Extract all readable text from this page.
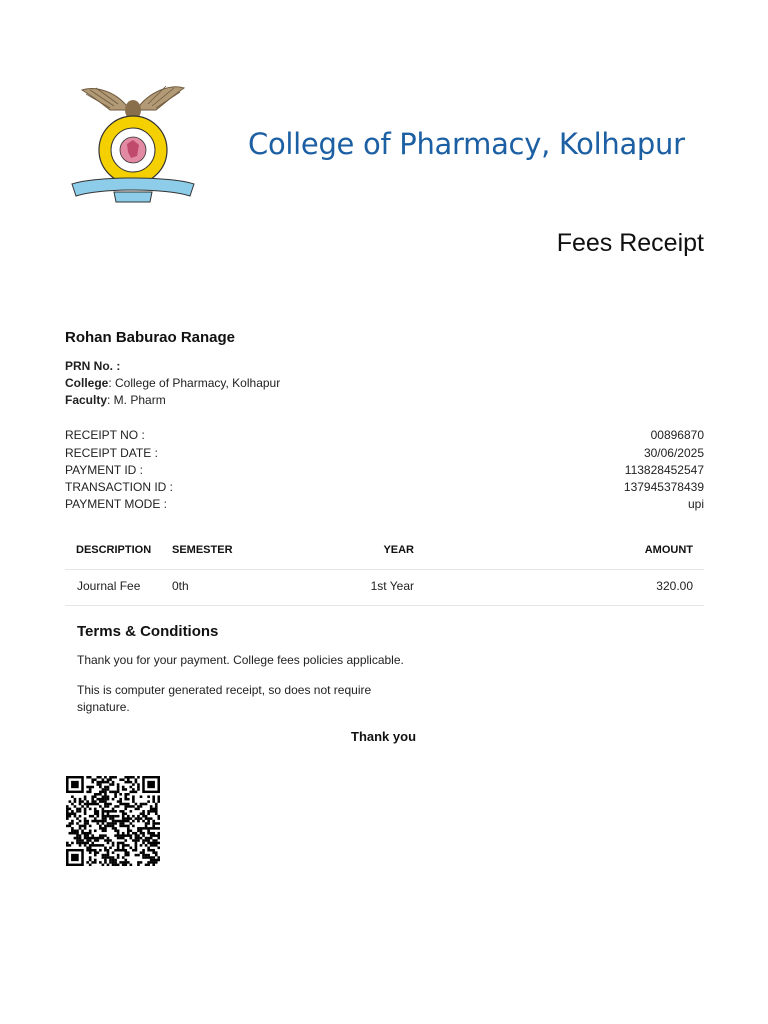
College of Pharmacy, Kolhapur
Fees Receipt
Rohan Baburao Ranage
PRN No. :
College: College of Pharmacy, Kolhapur
Faculty: M. Pharm
RECEIPT NO :	00896870
RECEIPT DATE :	30/06/2025
PAYMENT ID :	113828452547
TRANSACTION ID :	137945378439
PAYMENT MODE :	upi
DESCRIPTION SEMESTER	YEAR	AMOUNT
Journal Fee	0th	1st Year	320.00
Terms & Conditions
Thank you for your payment. College fees policies applicable.
This is computer generated receipt, so does not require signature.
Thank you
